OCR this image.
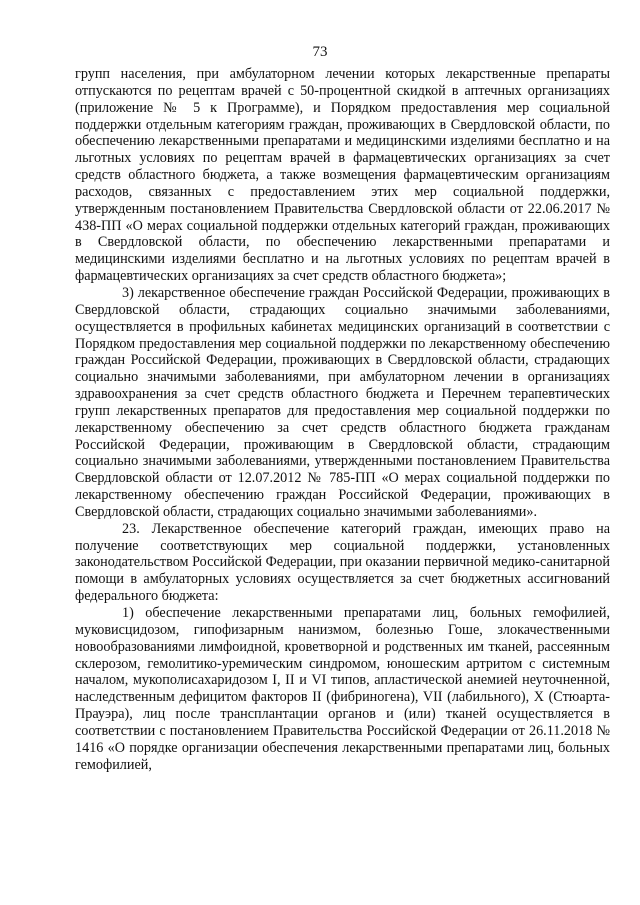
73

групп населения, при амбулаторном лечении которых лекарственные препараты отпускаются по рецептам врачей с 50-процентной скидкой в аптечных организациях (приложение № 5 к Программе), и Порядком предоставления мер социальной поддержки отдельным категориям граждан, проживающих в Свердловской области, по обеспечению лекарственными препаратами и медицинскими изделиями бесплатно и на льготных условиях по рецептам врачей в фармацевтических организациях за счет средств областного бюджета, а также возмещения фармацевтическим организациям расходов, связанных с предоставлением этих мер социальной поддержки, утвержденным постановлением Правительства Свердловской области от 22.06.2017 № 438-ПП «О мерах социальной поддержки отдельных категорий граждан, проживающих в Свердловской области, по обеспечению лекарственными препаратами и медицинскими изделиями бесплатно и на льготных условиях по рецептам врачей в фармацевтических организациях за счет средств областного бюджета»;

3) лекарственное обеспечение граждан Российской Федерации, проживающих в Свердловской области, страдающих социально значимыми заболеваниями, осуществляется в профильных кабинетах медицинских организаций в соответствии с Порядком предоставления мер социальной поддержки по лекарственному обеспечению граждан Российской Федерации, проживающих в Свердловской области, страдающих социально значимыми заболеваниями, при амбулаторном лечении в организациях здравоохранения за счет средств областного бюджета и Перечнем терапевтических групп лекарственных препаратов для предоставления мер социальной поддержки по лекарственному обеспечению за счет средств областного бюджета гражданам Российской Федерации, проживающим в Свердловской области, страдающим социально значимыми заболеваниями, утвержденными постановлением Правительства Свердловской области от 12.07.2012 № 785-ПП «О мерах социальной поддержки по лекарственному обеспечению граждан Российской Федерации, проживающих в Свердловской области, страдающих социально значимыми заболеваниями».

23. Лекарственное обеспечение категорий граждан, имеющих право на получение соответствующих мер социальной поддержки, установленных законодательством Российской Федерации, при оказании первичной медико-санитарной помощи в амбулаторных условиях осуществляется за счет бюджетных ассигнований федерального бюджета:

1) обеспечение лекарственными препаратами лиц, больных гемофилией, муковисцидозом, гипофизарным нанизмом, болезнью Гоше, злокачественными новообразованиями лимфоидной, кроветворной и родственных им тканей, рассеянным склерозом, гемолитико-уремическим синдромом, юношеским артритом с системным началом, мукополисахаридозом I, II и VI типов, апластической анемией неуточненной, наследственным дефицитом факторов II (фибриногена), VII (лабильного), X (Стюарта-Прауэра), лиц после трансплантации органов и (или) тканей осуществляется в соответствии с постановлением Правительства Российской Федерации от 26.11.2018 № 1416 «О порядке организации обеспечения лекарственными препаратами лиц, больных гемофилией,
